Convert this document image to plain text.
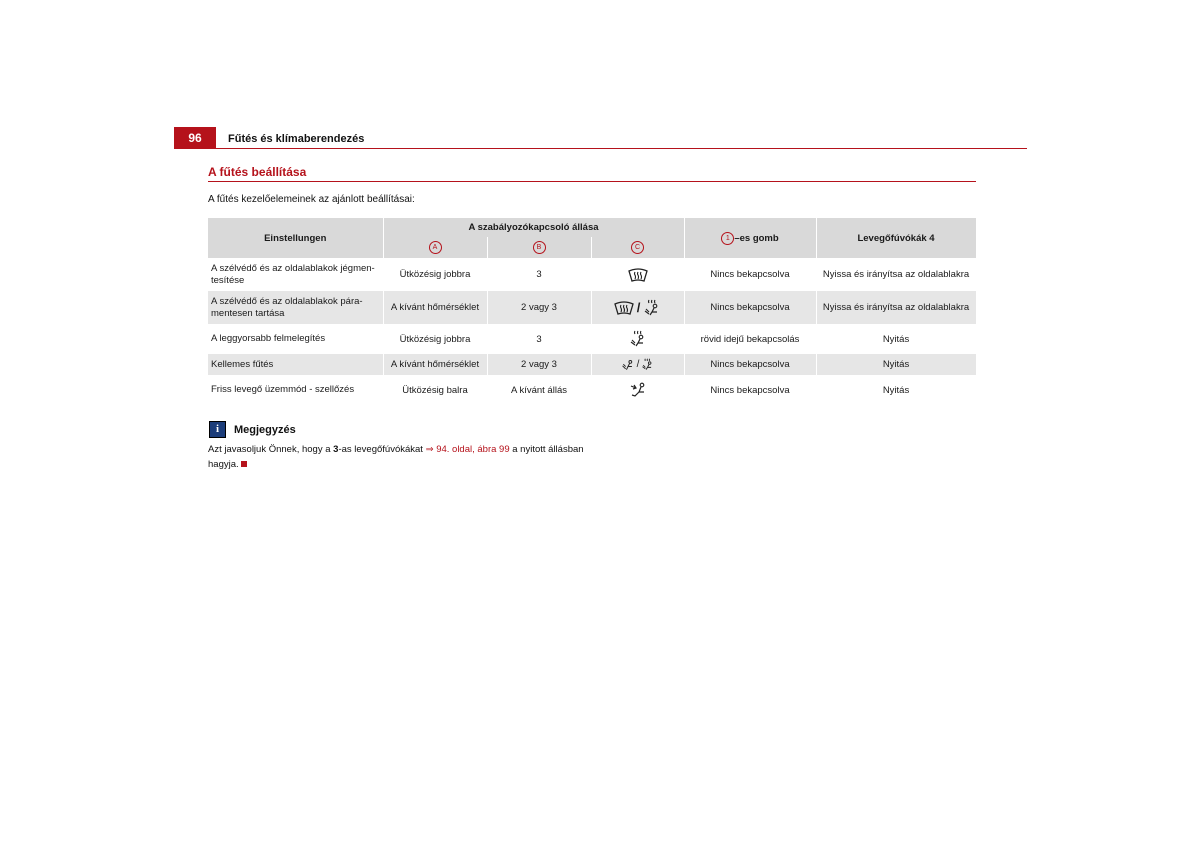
96	Fűtés és klímaberendezés
A fűtés beállítása
A fűtés kezelőelemeinek az ajánlott beállításai:
Einstellungen	A szabályozókapcsoló állása			1 –es gomb	Levegőfúvókák 4
	A	B	C		
A szélvédő és az oldalablakok jégmen-tesítése	Ütközésig jobbra	3		Nincs bekapcsolva	Nyissa és irányítsa az oldalablakra
A szélvédő és az oldalablakok pára-mentesen tartása	A kívánt hőmérséklet	2 vagy 3	/	Nincs bekapcsolva	Nyissa és irányítsa az oldalablakra
A leggyorsabb felmelegítés	Ütközésig jobbra	3		rövid idejű bekapcsolás	Nyitás
Kellemes fűtés	A kívánt hőmérséklet	2 vagy 3	/	Nincs bekapcsolva	Nyitás
Friss levegő üzemmód - szellőzés	Ütközésig balra	A kívánt állás		Nincs bekapcsolva	Nyitás
i	Megjegyzés
Azt javasoljuk Önnek, hogy a 3-as levegőfúvókákat ⇒ 94. oldal, ábra 99 a nyitott állásban hagyja.
